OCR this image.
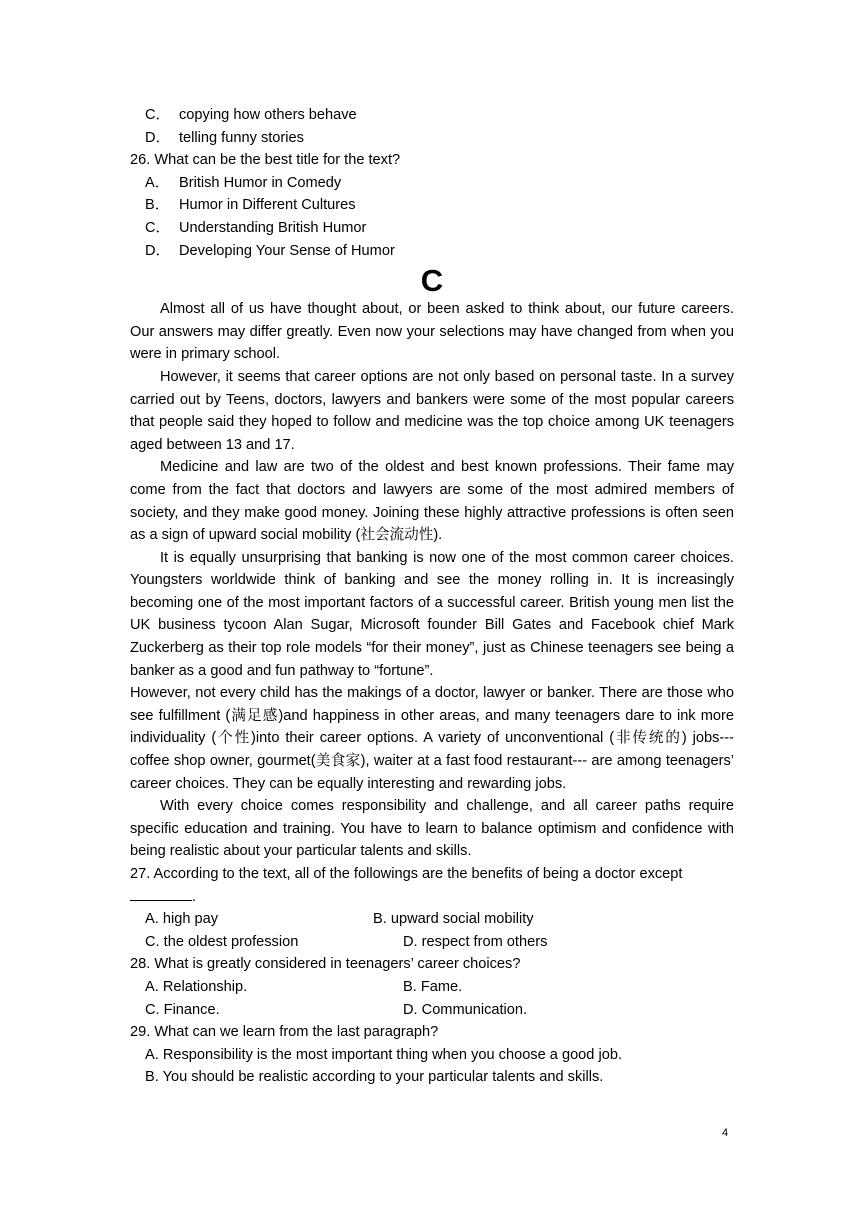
C． copying how others behave

D． telling funny stories

26. What can be the best title for the text?

A． British Humor in Comedy

B． Humor in Different Cultures

C． Understanding British Humor

D． Developing Your Sense of Humor

C

Almost all of us have thought about, or been asked to think about, our future careers. Our answers may differ greatly. Even now your selections may have changed from when you were in primary school.

However, it seems that career options are not only based on personal taste. In a survey carried out by Teens, doctors, lawyers and bankers were some of the most popular careers that people said they hoped to follow and medicine was the top choice among UK teenagers aged between 13 and 17.

Medicine and law are two of the oldest and best known professions. Their fame may come from the fact that doctors and lawyers are some of the most admired members of society, and they make good money. Joining these highly attractive professions is often seen as a sign of upward social mobility (社会流动性).

It is equally unsurprising that banking is now one of the most common career choices. Youngsters worldwide think of banking and see the money rolling in. It is increasingly becoming one of the most important factors of a successful career. British young men list the UK business tycoon Alan Sugar, Microsoft founder Bill Gates and Facebook chief Mark Zuckerberg as their top role models “for their money”, just as Chinese teenagers see being a banker as a good and fun pathway to “fortune”.

However, not every child has the makings of a doctor, lawyer or banker. There are those who see fulfillment (满足感)and happiness in other areas, and many teenagers dare to ink more individuality (个性)into their career options. A variety of unconventional (非传统的) jobs--- coffee shop owner, gourmet(美食家), waiter at a fast food restaurant--- are among teenagers’ career choices. They can be equally interesting and rewarding jobs.

With every choice comes responsibility and challenge, and all career paths require specific education and training. You have to learn to balance optimism and confidence with being realistic about your particular talents and skills.

27. According to the text, all of the followings are the benefits of being a doctor except

.

A. high pay	B. upward social mobility
C. the oldest profession	D. respect from others

28. What is greatly considered in teenagers’ career choices?

A. Relationship.	B. Fame.
C. Finance.	D. Communication.

29. What can we learn from the last paragraph?

A. Responsibility is the most important thing when you choose a good job.

B. You should be realistic according to your particular talents and skills.

4
